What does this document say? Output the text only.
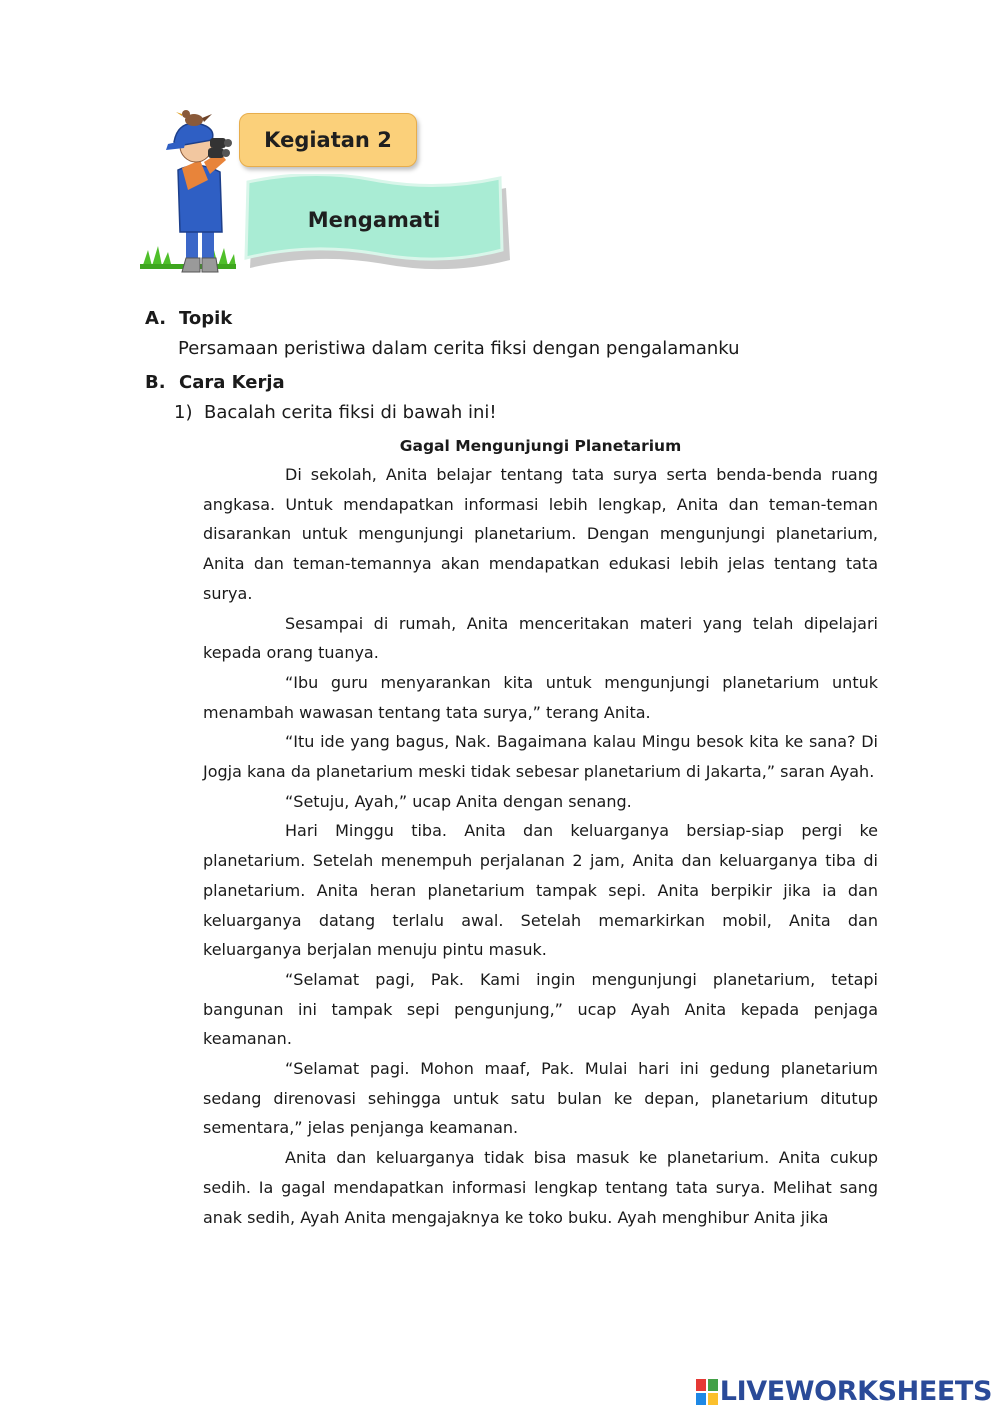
Kegiatan 2
Mengamati
A. Topik
Persamaan peristiwa dalam cerita fiksi dengan pengalamanku
B. Cara Kerja
1) Bacalah cerita fiksi di bawah ini!
Gagal Mengunjungi Planetarium

Di sekolah, Anita belajar tentang tata surya serta benda-benda ruang angkasa. Untuk mendapatkan informasi lebih lengkap, Anita dan teman-teman disarankan untuk mengunjungi planetarium. Dengan mengunjungi planetarium, Anita dan teman-temannya akan mendapatkan edukasi lebih jelas tentang tata surya.

Sesampai di rumah, Anita menceritakan materi yang telah dipelajari kepada orang tuanya.

“Ibu guru menyarankan kita untuk mengunjungi planetarium untuk menambah wawasan tentang tata surya,” terang Anita.

“Itu ide yang bagus, Nak. Bagaimana kalau Mingu besok kita ke sana? Di Jogja kana da planetarium meski tidak sebesar planetarium di Jakarta,” saran Ayah.

“Setuju, Ayah,” ucap Anita dengan senang.

Hari Minggu tiba. Anita dan keluarganya bersiap-siap pergi ke planetarium. Setelah menempuh perjalanan 2 jam, Anita dan keluarganya tiba di planetarium. Anita heran planetarium tampak sepi. Anita berpikir jika ia dan keluarganya datang terlalu awal. Setelah memarkirkan mobil, Anita dan keluarganya berjalan menuju pintu masuk.

“Selamat pagi, Pak. Kami ingin mengunjungi planetarium, tetapi bangunan ini tampak sepi pengunjung,” ucap Ayah Anita kepada penjaga keamanan.

“Selamat pagi. Mohon maaf, Pak. Mulai hari ini gedung planetarium sedang direnovasi sehingga untuk satu bulan ke depan, planetarium ditutup sementara,” jelas penjanga keamanan.

Anita dan keluarganya tidak bisa masuk ke planetarium. Anita cukup sedih. Ia gagal mendapatkan informasi lengkap tentang tata surya. Melihat sang anak sedih, Ayah Anita mengajaknya ke toko buku. Ayah menghibur Anita jika

LIVEWORKSHEETS
